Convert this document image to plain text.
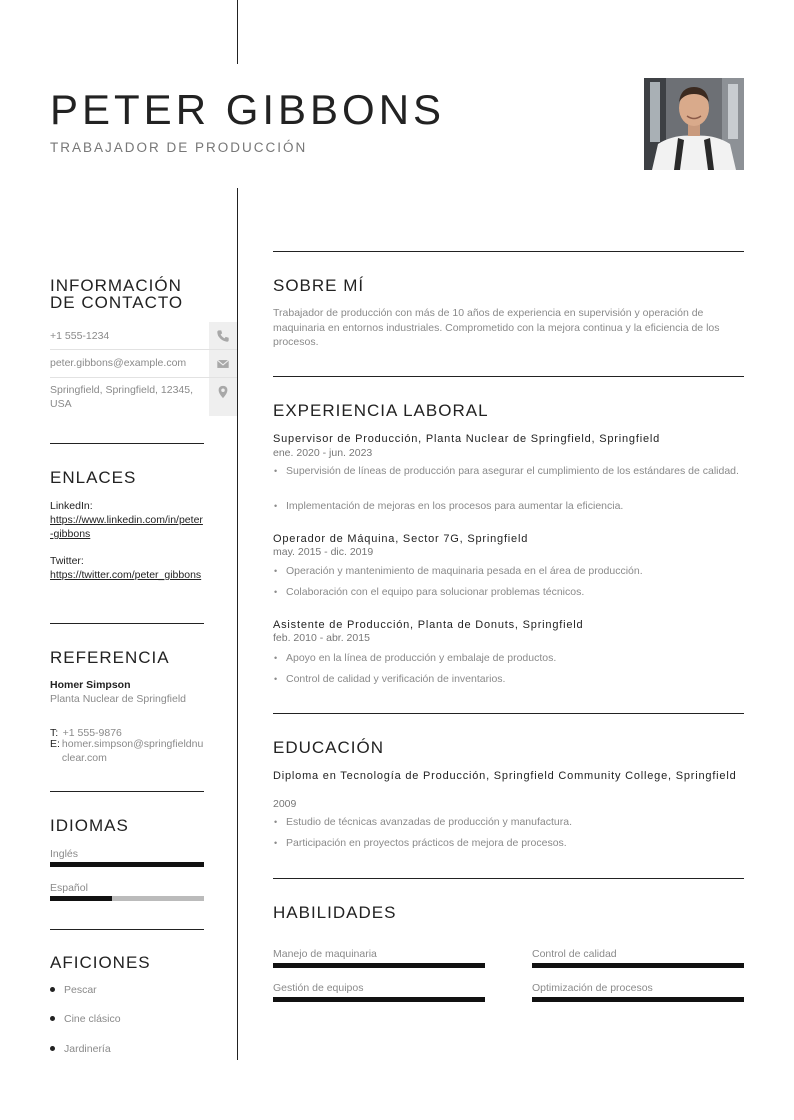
PETER GIBBONS
TRABAJADOR DE PRODUCCIÓN
INFORMACIÓN
DE CONTACTO
+1 555-1234
peter.gibbons@example.com
Springfield, Springfield, 12345, USA
ENLACES
LinkedIn:
https://www.linkedin.com/in/peter-gibbons
Twitter:
https://twitter.com/peter_gibbons
REFERENCIA
Homer Simpson
Planta Nuclear de Springfield
T: +1 555-9876
E: homer.simpson@springfieldnuclear.com
IDIOMAS
Inglés
Español
AFICIONES
Pescar
Cine clásico
Jardinería
SOBRE MÍ
Trabajador de producción con más de 10 años de experiencia en supervisión y operación de maquinaria en entornos industriales. Comprometido con la mejora continua y la eficiencia de los procesos.
EXPERIENCIA LABORAL
Supervisor de Producción, Planta Nuclear de Springfield, Springfield
ene. 2020 - jun. 2023
• Supervisión de líneas de producción para asegurar el cumplimiento de los estándares de calidad.
• Implementación de mejoras en los procesos para aumentar la eficiencia.
Operador de Máquina, Sector 7G, Springfield
may. 2015 - dic. 2019
• Operación y mantenimiento de maquinaria pesada en el área de producción.
• Colaboración con el equipo para solucionar problemas técnicos.
Asistente de Producción, Planta de Donuts, Springfield
feb. 2010 - abr. 2015
• Apoyo en la línea de producción y embalaje de productos.
• Control de calidad y verificación de inventarios.
EDUCACIÓN
Diploma en Tecnología de Producción, Springfield Community College, Springfield
2009
• Estudio de técnicas avanzadas de producción y manufactura.
• Participación en proyectos prácticos de mejora de procesos.
HABILIDADES
Manejo de maquinaria	Control de calidad
Gestión de equipos	Optimización de procesos
